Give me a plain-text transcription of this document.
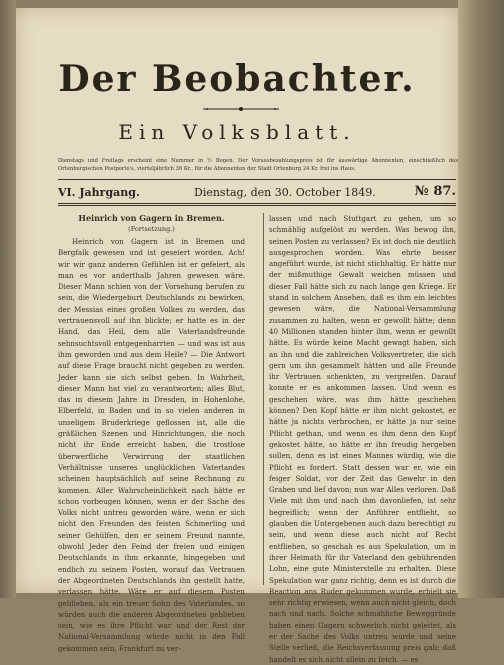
Der Beobachter.
Ein Volksblatt.
Dienstags und Freitags erscheint eine Nummer in ½ Bogen. Der Vorausbezahlungspreis ist für auswärtige Abonnenten, einschließlich des Ortenburgischen Postporto's, vierteljährlich 36 Kr., für die Abonnenten der Stadt Ortenburg 24 Kr. frei ins Haus.
VI. Jahrgang.	Dienstag, den 30. October 1849.	№ 87.
Heinrich von Gagern in Bremen.
(Fortsetzung.)
Heinrich von Gagern ist in Bremen und Bergfalk gewesen und ist geseiert worden. Ach! wir wir ganz anderen Gefühlen ist er gefeiert, als man es vor anderthalb Jahren gewesen wäre. Dieser Mann schien von der Vorsehung berufen zu sein, die Wiedergeburt Deutschlands zu bewirken, der Messias eines großen Volkes zu werden, das vertrauensvoll auf ihn blickte; er hatte es in der Hand, das Heil, dem alle Vaterlandsfreunde sehnsuchtsvoll entgegenharrten — und was ist aus ihm geworden und aus dem Heile? — Die Antwort auf diese Frage braucht nicht gegeben zu werden. Jeder kann sie sich selbst geben. In Wahrheit, dieser Mann hat viel zu verantworten; alles Blut, das in diesem Jahre in Dresden, in Hohenlohe, Elberfeld, in Baden und in so vielen anderen in unseligem Bruderkriege geflossen ist, alle die gräßlichen Szenen und Hinrichtungen, die noch nicht ihr Ende erreicht haben, die trostlose überwerfliche Verwirrung der staatlichen Verhältnisse unseres unglücklichen Vaterlandes scheinen hauptsächlich auf seine Rechnung zu kommen. Aller Wahrscheinlichkeit nach hätte er schon vorbeugen können, wenn er der Sache des Volks nicht untreu geworden wäre, wenn er sich nicht den Freunden des feisten Schmerling und seiner Gehülfen, den er seinem Freund nannte, obwohl Jeder den Feind der freien und einigen Deutschlands in ihm erkannte, hingegeben und endlich zu seinem Posten, worauf das Vertrauen der Abgeordneten Deutschlands ihn gestellt hatte, verlassen hätte. Wäre er auf diesem Posten geblieben, als ein treuer Sohn des Vaterlandes, so würden auch die anderen Abgeordneten geblieben sein, wie es ihre Pflicht war und der Rest der National-Versammlung würde nicht in den Fall gekommen sein, Frankfurt zu ver-
lassen und nach Stuttgart zu gehen, um so schmählig aufgelöst zu werden. Was bewog ihn, seinen Posten zu verlassen? Es ist doch nie deutlich ausgesprochen worden. Was ehrte besser angeführt wurde, ist nicht stichhaltig. Er hätte nur der mißmuthige Gewalt weichen müssen und dieser Fall hätte sich zu nach lange gen Kriege. Er stand in solchem Ansehen, daß es ihm ein leichtes gewesen wäre, die National-Versammlung zusammen zu halten, wenn er gewollt hätte; denn 40 Millionen standen hinter ihm, wenn er gewollt hätte. Es würde keine Macht gewagt haben, sich an ihn und die zahlreichen Volksvertreter, die sich gern um ihn gesammelt hätten und alle Freunde ihr Vertrauen schenkten, zu vergreifen. Darauf konnte er es ankommen lassen. Und wenn es geschehen wäre, was ihm hätte geschehen können? Den Kopf hätte er ihm nicht gekostet, er hätte ja nichts verbrochen, er hätte ja nur seine Pflicht gethan, und wenn es ihm denn den Kopf gekostet hätte, so hätte er ihn freudig hergeben sollen, denn es ist eines Mannes würdig, wie die Pflicht es fordert. Statt dessen war er, wie ein feiger Soldat, vor der Zeit das Gewehr in den Graben und lief davon; nun war Alles verloren. Daß Viele mit ihm und nach ihm davonliefen, ist sehr begreiflich; wenn der Anführer entflieht, so glauben die Untergebenen auch dazu berechtigt zu sein, und wenn diese auch nicht auf Recht entfliehen, so geschah es aus Spekulation, um in ihrer Heimath für ihr Vaterland den gebührenden Lohn, eine gute Ministerstelle zu erhalten. Diese Spekulation war ganz richtig, denn es ist durch die Reaction ans Ruder gekommen wurde, erhielt sie sehr richtig erwiesen, wenn auch nicht gleich, doch nach und nach. Solche schmähliche Beweggründe haben einen Gagern schwerlich nicht geleitet, als er der Sache des Volks untreu wurde und seine Stelle verließ, die Reichsverfassung preis gab; daß handelt es sich nicht allein zu fetch. — es
